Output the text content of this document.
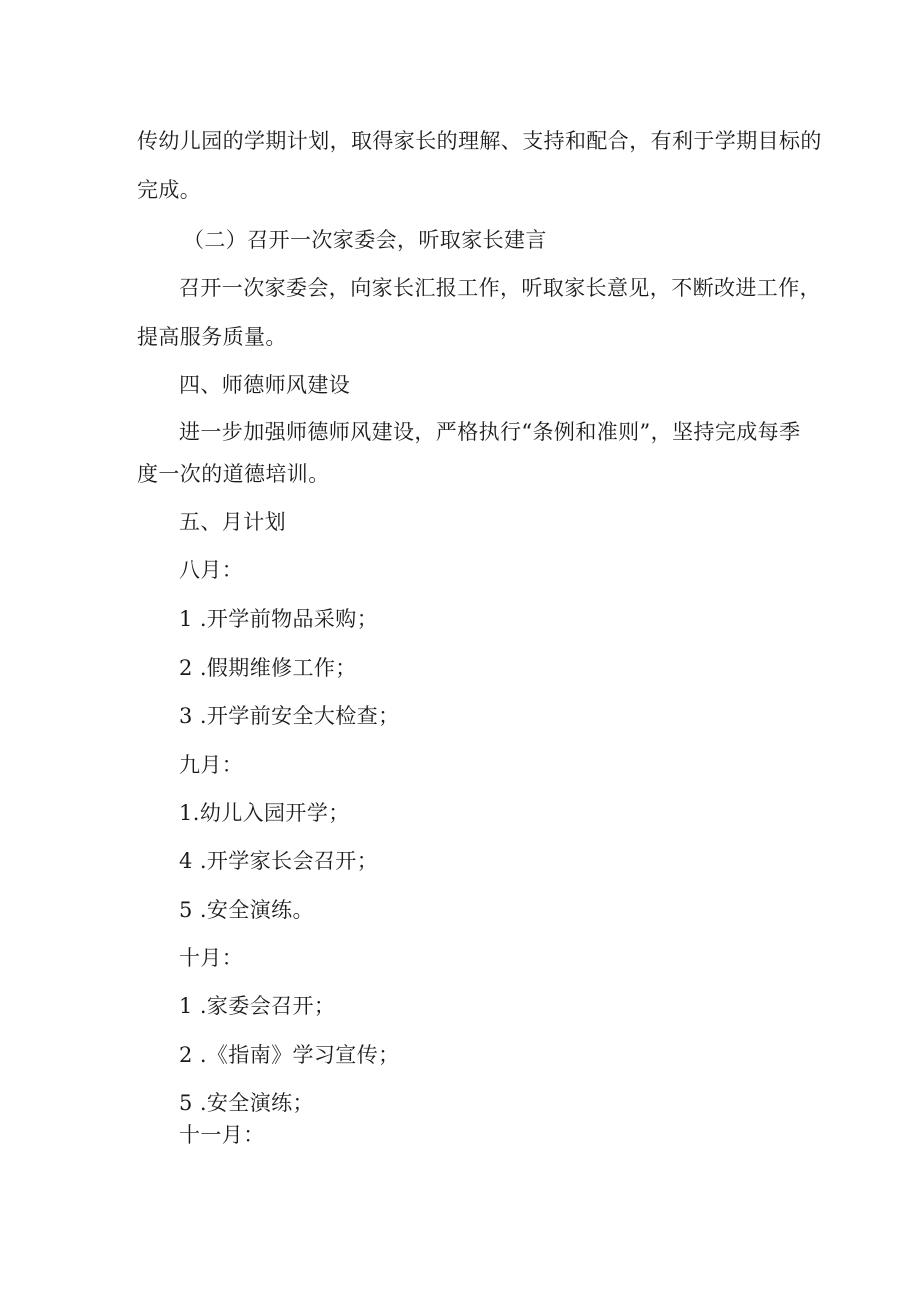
传幼儿园的学期计划，取得家长的理解、支持和配合，有利于学期目标的
完成。
（二）召开一次家委会，听取家长建言
召开一次家委会，向家长汇报工作，听取家长意见，不断改进工作，
提高服务质量。
四、师德师风建设
进一步加强师德师风建设，严格执行“条例和准则”，坚持完成每季
度一次的道德培训。
五、月计划
八月：
1 .开学前物品采购；
2 .假期维修工作；
3 .开学前安全大检查；
九月：
1.幼儿入园开学；
4 .开学家长会召开；
5 .安全演练。
十月：
1 .家委会召开；
2 .《指南》学习宣传；
5 .安全演练；
十一月：
